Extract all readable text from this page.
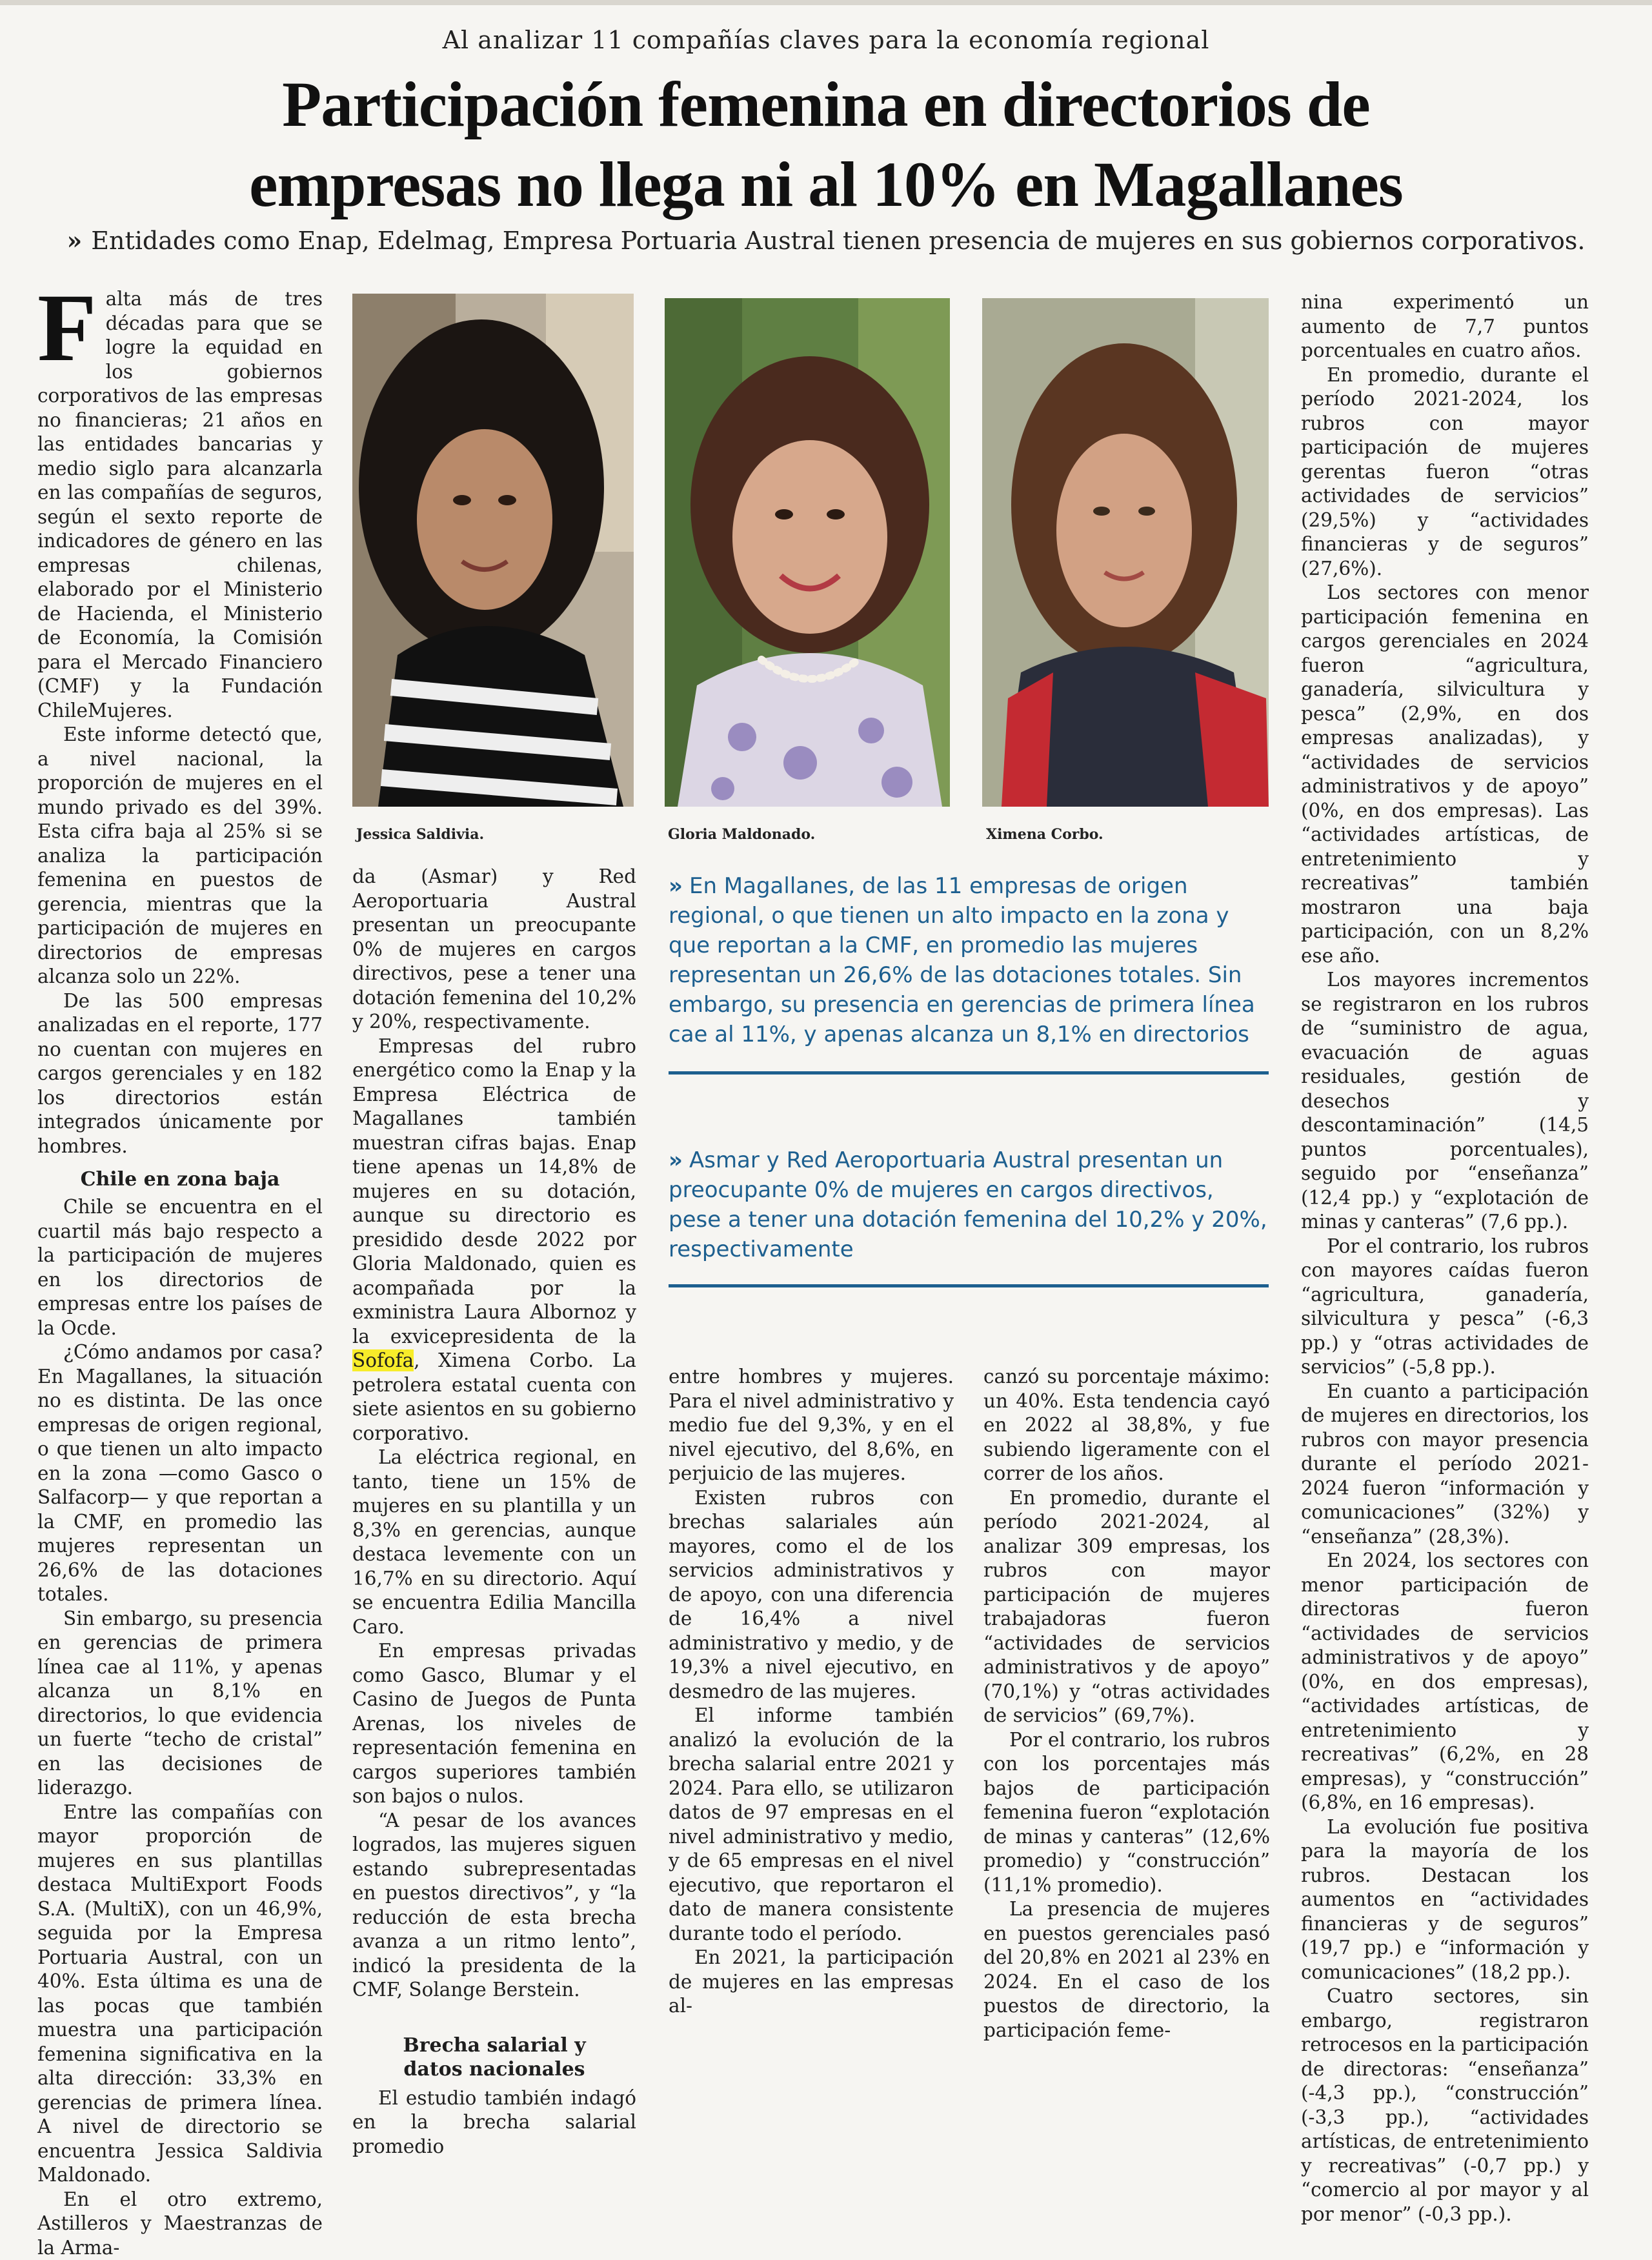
Al analizar 11 compañías claves para la economía regional
Participación femenina en directorios de
empresas no llega ni al 10% en Magallanes
» Entidades como Enap, Edelmag, Empresa Portuaria Austral tienen presencia de mujeres en sus gobiernos corporativos.

Falta más de tres décadas para que se logre la equidad en los gobiernos corporativos de las empresas no financieras; 21 años en las entidades bancarias y medio siglo para alcanzarla en las compañías de seguros, según el sexto reporte de indicadores de género en las empresas chilenas, elaborado por el Ministerio de Hacienda, el Ministerio de Economía, la Comisión para el Mercado Financiero (CMF) y la Fundación ChileMujeres.

Este informe detectó que, a nivel nacional, la proporción de mujeres en el mundo privado es del 39%. Esta cifra baja al 25% si se analiza la participación femenina en puestos de gerencia, mientras que la participación de mujeres en directorios de empresas alcanza solo un 22%.

De las 500 empresas analizadas en el reporte, 177 no cuentan con mujeres en cargos gerenciales y en 182 los directorios están integrados únicamente por hombres.

Chile en zona baja

Chile se encuentra en el cuartil más bajo respecto a la participación de mujeres en los directorios de empresas entre los países de la Ocde.

¿Cómo andamos por casa? En Magallanes, la situación no es distinta. De las once empresas de origen regional, o que tienen un alto impacto en la zona —como Gasco o Salfacorp— y que reportan a la CMF, en promedio las mujeres representan un 26,6% de las dotaciones totales.

Sin embargo, su presencia en gerencias de primera línea cae al 11%, y apenas alcanza un 8,1% en directorios, lo que evidencia un fuerte “techo de cristal” en las decisiones de liderazgo.

Entre las compañías con mayor proporción de mujeres en sus plantillas destaca MultiExport Foods S.A. (MultiX), con un 46,9%, seguida por la Empresa Portuaria Austral, con un 40%. Esta última es una de las pocas que también muestra una participación femenina significativa en la alta dirección: 33,3% en gerencias de primera línea. A nivel de directorio se encuentra Jessica Saldivia Maldonado.

En el otro extremo, Astilleros y Maestranzas de la Arma-

Jessica Saldivia.	Gloria Maldonado.	Ximena Corbo.

da (Asmar) y Red Aeroportuaria Austral presentan un preocupante 0% de mujeres en cargos directivos, pese a tener una dotación femenina del 10,2% y 20%, respectivamente.

Empresas del rubro energético como la Enap y la Empresa Eléctrica de Magallanes también muestran cifras bajas. Enap tiene apenas un 14,8% de mujeres en su dotación, aunque su directorio es presidido desde 2022 por Gloria Maldonado, quien es acompañada por la exministra Laura Albornoz y la exvicepresidenta de la Sofofa, Ximena Corbo. La petrolera estatal cuenta con siete asientos en su gobierno corporativo.

La eléctrica regional, en tanto, tiene un 15% de mujeres en su plantilla y un 8,3% en gerencias, aunque destaca levemente con un 16,7% en su directorio. Aquí se encuentra Edilia Mancilla Caro.

En empresas privadas como Gasco, Blumar y el Casino de Juegos de Punta Arenas, los niveles de representación femenina en cargos superiores también son bajos o nulos.

“A pesar de los avances logrados, las mujeres siguen estando subrepresentadas en puestos directivos”, y “la reducción de esta brecha avanza a un ritmo lento”, indicó la presidenta de la CMF, Solange Berstein.

Brecha salarial y datos nacionales

El estudio también indagó en la brecha salarial promedio

» En Magallanes, de las 11 empresas de origen regional, o que tienen un alto impacto en la zona y que reportan a la CMF, en promedio las mujeres representan un 26,6% de las dotaciones totales. Sin embargo, su presencia en gerencias de primera línea cae al 11%, y apenas alcanza un 8,1% en directorios
» Asmar y Red Aeroportuaria Austral presentan un preocupante 0% de mujeres en cargos directivos, pese a tener una dotación femenina del 10,2% y 20%, respectivamente

entre hombres y mujeres. Para el nivel administrativo y medio fue del 9,3%, y en el nivel ejecutivo, del 8,6%, en perjuicio de las mujeres.

Existen rubros con brechas salariales aún mayores, como el de los servicios administrativos y de apoyo, con una diferencia de 16,4% a nivel administrativo y medio, y de 19,3% a nivel ejecutivo, en desmedro de las mujeres.

El informe también analizó la evolución de la brecha salarial entre 2021 y 2024. Para ello, se utilizaron datos de 97 empresas en el nivel administrativo y medio, y de 65 empresas en el nivel ejecutivo, que reportaron el dato de manera consistente durante todo el período.

En 2021, la participación de mujeres en las empresas al-

canzó su porcentaje máximo: un 40%. Esta tendencia cayó en 2022 al 38,8%, y fue subiendo ligeramente con el correr de los años.

En promedio, durante el período 2021-2024, al analizar 309 empresas, los rubros con mayor participación de mujeres trabajadoras fueron “actividades de servicios administrativos y de apoyo” (70,1%) y “otras actividades de servicios” (69,7%).

Por el contrario, los rubros con los porcentajes más bajos de participación femenina fueron “explotación de minas y canteras” (12,6% promedio) y “construcción” (11,1% promedio).

La presencia de mujeres en puestos gerenciales pasó del 20,8% en 2021 al 23% en 2024. En el caso de los puestos de directorio, la participación feme-

nina experimentó un aumento de 7,7 puntos porcentuales en cuatro años.

En promedio, durante el período 2021-2024, los rubros con mayor participación de mujeres gerentas fueron “otras actividades de servicios” (29,5%) y “actividades financieras y de seguros” (27,6%).

Los sectores con menor participación femenina en cargos gerenciales en 2024 fueron “agricultura, ganadería, silvicultura y pesca” (2,9%, en dos empresas analizadas), y “actividades de servicios administrativos y de apoyo” (0%, en dos empresas). Las “actividades artísticas, de entretenimiento y recreativas” también mostraron una baja participación, con un 8,2% ese año.

Los mayores incrementos se registraron en los rubros de “suministro de agua, evacuación de aguas residuales, gestión de desechos y descontaminación” (14,5 puntos porcentuales), seguido por “enseñanza” (12,4 pp.) y “explotación de minas y canteras” (7,6 pp.).

Por el contrario, los rubros con mayores caídas fueron “agricultura, ganadería, silvicultura y pesca” (-6,3 pp.) y “otras actividades de servicios” (-5,8 pp.).

En cuanto a participación de mujeres en directorios, los rubros con mayor presencia durante el período 2021-2024 fueron “información y comunicaciones” (32%) y “enseñanza” (28,3%).

En 2024, los sectores con menor participación de directoras fueron “actividades de servicios administrativos y de apoyo” (0%, en dos empresas), “actividades artísticas, de entretenimiento y recreativas” (6,2%, en 28 empresas), y “construcción” (6,8%, en 16 empresas).

La evolución fue positiva para la mayoría de los rubros. Destacan los aumentos en “actividades financieras y de seguros” (19,7 pp.) e “información y comunicaciones” (18,2 pp.).

Cuatro sectores, sin embargo, registraron retrocesos en la participación de directoras: “enseñanza” (-4,3 pp.), “construcción” (-3,3 pp.), “actividades artísticas, de entretenimiento y recreativas” (-0,7 pp.) y “comercio al por mayor y al por menor” (-0,3 pp.).
